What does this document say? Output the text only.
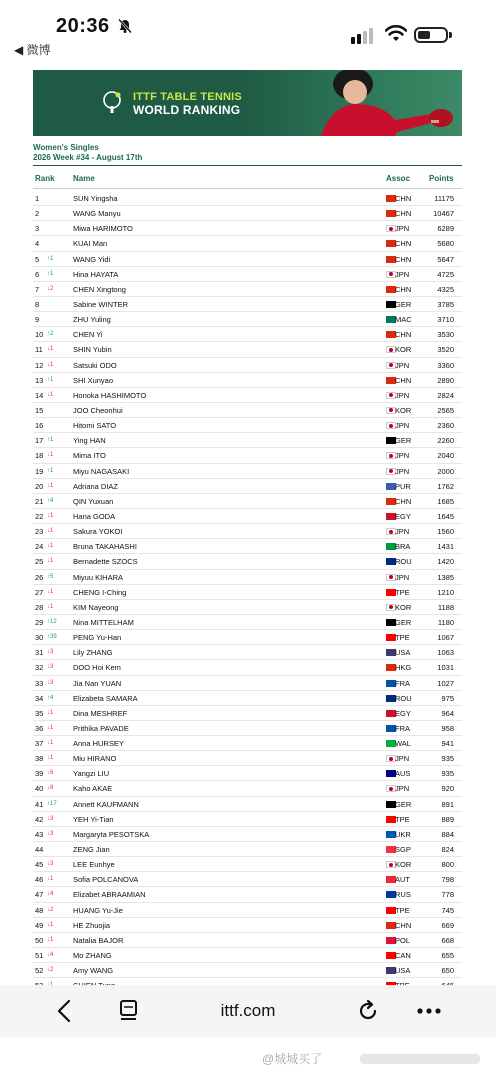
20:36
◀ 微博
ITTF TABLE TENNIS
WORLD RANKING
Women's Singles
2026 Week #34 - August 17th
Rank Name	Assoc Points
1	SUN Yingsha	CHN	11175
2	WANG Manyu	CHN	10467
3	Miwa HARIMOTO	JPN	6289
4	KUAI Man	CHN	5680
5 ↑1	WANG Yidi	CHN	5647
6 ↑1	Hina HAYATA	JPN	4725
7 ↓2	CHEN Xingtong	CHN	4325
8	Sabine WINTER	GER	3785
9	ZHU Yuling	MAC	3710
10 ↑2	CHEN Yi	CHN	3530
11 ↓1	SHIN Yubin	KOR	3520
12 ↓1	Satsuki ODO	JPN	3360
13 ↑1	SHI Xunyao	CHN	2890
14 ↓1	Honoka HASHIMOTO	JPN	2824
15	JOO Cheonhui	KOR	2565
16	Hitomi SATO	JPN	2360
17 ↑1	Ying HAN	GER	2260
18 ↓1	Mima ITO	JPN	2040
19 ↑1	Miyu NAGASAKI	JPN	2000
20 ↓1	Adriana DIAZ	PUR	1762
21 ↑4	QIN Yuxuan	CHN	1685
22 ↓1	Hana GODA	EGY	1645
23 ↓1	Sakura YOKOI	JPN	1560
24 ↓1	Bruna TAKAHASHI	BRA	1431
25 ↓1	Bernadette SZOCS	ROU	1420
26 ↑5	Miyuu KIHARA	JPN	1385
27 ↓1	CHENG I-Ching	TPE	1210
28 ↓1	KIM Nayeong	KOR	1188
29 ↑12 Nina MITTELHAM	GER	1180
30 ↑39 PENG Yu-Han	TPE	1067
31 ↓3	Lily ZHANG	USA	1063
32 ↓3	DOO Hoi Kem	HKG	1031
33 ↓3	Jia Nan YUAN	FRA	1027
34 ↑4	Elizabeta SAMARA	ROU	975
35 ↓1	Dina MESHREF	EGY	964
36 ↓1	Prithika PAVADE	FRA	958
37 ↓1	Anna HURSEY	WAL	941
38 ↓1	Miu HIRANO	JPN	935
39 ↓6	Yangzi LIU	AUS	935
40 ↓8	Kaho AKAE	JPN	920
41 ↑17 Annett KAUFMANN	GER	891
42 ↓3	YEH Yi-Tian	TPE	889
43 ↓3	Margaryta PESOTSKA	UKR	884
44	ZENG Jian	SGP	824
45 ↓3	LEE Eunhye	KOR	800
46 ↓1	Sofia POLCANOVA	AUT	798
47 ↓4	Elizabet ABRAAMIAN	RUS	778
48 ↓2	HUANG Yu-Jie	TPE	745
49 ↓1	HE Zhuojia	CHN	669
50 ↓1	Natalia BAJOR	POL	668
51 ↓4	Mo ZHANG	CAN	655
52 ↓2	Amy WANG	USA	650
ittf.com
@城城买了
